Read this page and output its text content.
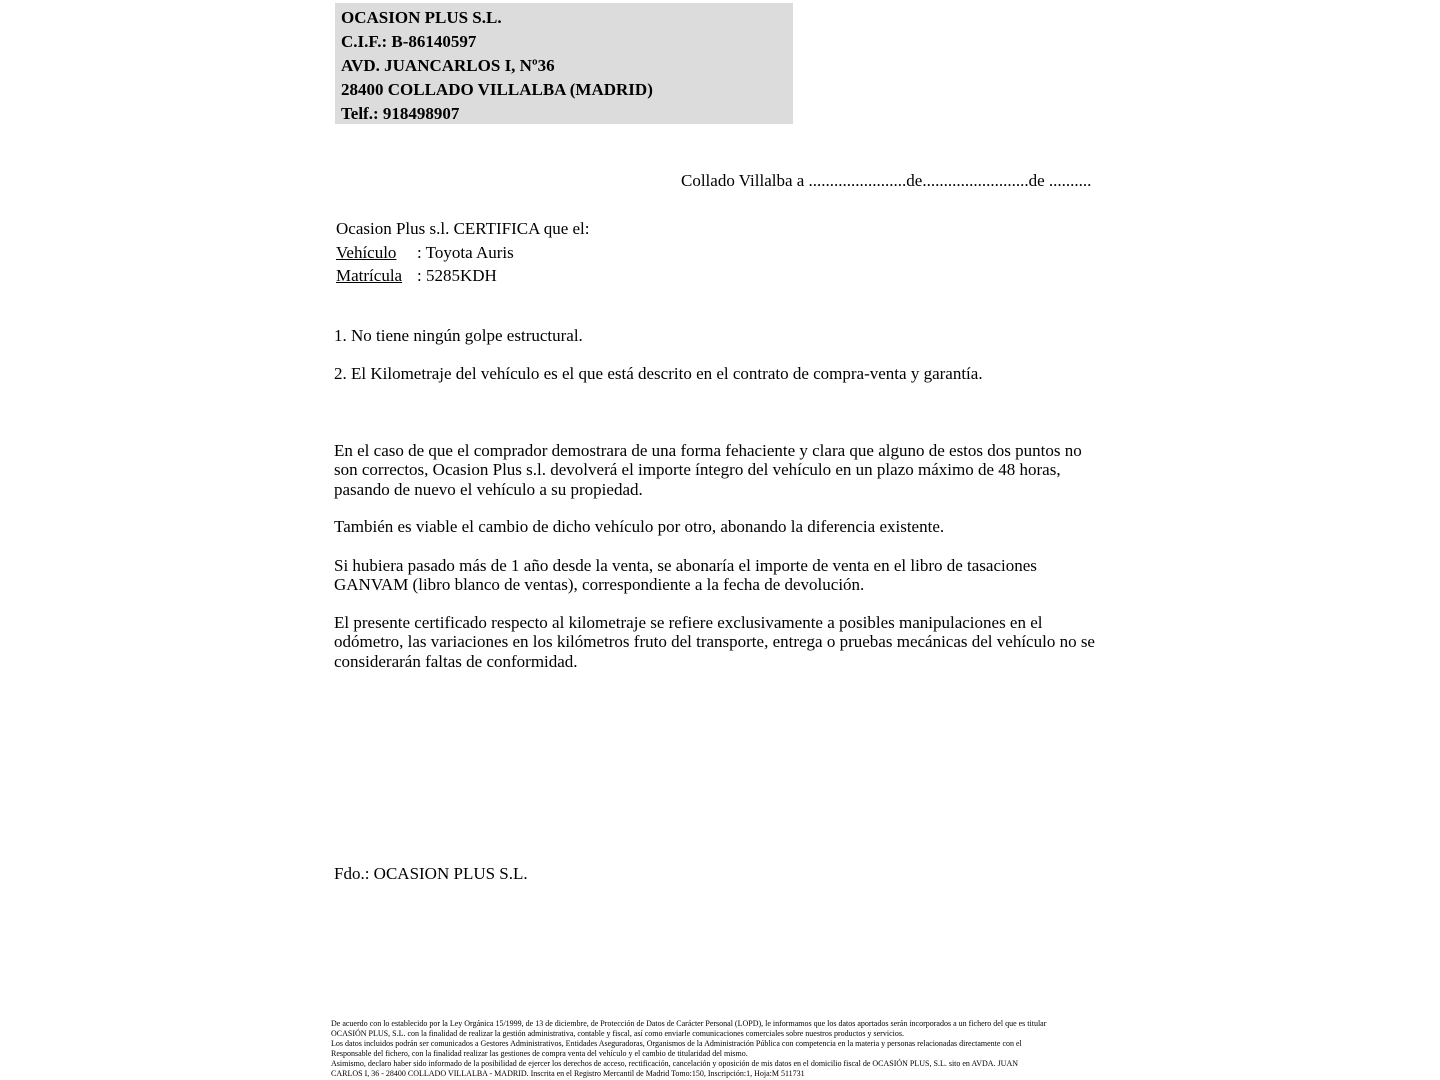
OCASION PLUS S.L.
C.I.F.: B-86140597
AVD. JUANCARLOS I, Nº36
28400 COLLADO VILLALBA (MADRID)
Telf.: 918498907
Collado Villalba a .......................de.........................de ..........
Ocasion Plus s.l. CERTIFICA que el:
Vehículo : Toyota Auris
Matrícula : 5285KDH
1. No tiene ningún golpe estructural.
2. El Kilometraje del vehículo es el que está descrito en el contrato de compra-venta y garantía.
En el caso de que el comprador demostrara de una forma fehaciente y clara que alguno de estos dos puntos no son correctos, Ocasion Plus s.l. devolverá el importe íntegro del vehículo en un plazo máximo de 48 horas, pasando de nuevo el vehículo a su propiedad.
También es viable el cambio de dicho vehículo por otro, abonando la diferencia existente.
Si hubiera pasado más de 1 año desde la venta, se abonaría el importe de venta en el libro de tasaciones GANVAM (libro blanco de ventas), correspondiente a la fecha de devolución.
El presente certificado respecto al kilometraje se refiere exclusivamente a posibles manipulaciones en el odómetro, las variaciones en los kilómetros fruto del transporte, entrega o pruebas mecánicas del vehículo no se considerarán faltas de conformidad.
Fdo.: OCASION PLUS S.L.
De acuerdo con lo establecido por la Ley Orgánica 15/1999, de 13 de diciembre, de Protección de Datos de Carácter Personal (LOPD), le informamos que los datos aportados serán incorporados a un fichero del que es titular
OCASIÓN PLUS, S.L. con la finalidad de realizar la gestión administrativa, contable y fiscal, así como enviarle comunicaciones comerciales sobre nuestros productos y servicios.
Los datos incluidos podrán ser comunicados a Gestores Administrativos, Entidades Aseguradoras, Organismos de la Administración Pública con competencia en la materia y personas relacionadas directamente con el
Responsable del fichero, con la finalidad realizar las gestiones de compra venta del vehículo y el cambio de titularidad del mismo.
Asimismo, declaro haber sido informado de la posibilidad de ejercer los derechos de acceso, rectificación, cancelación y oposición de mis datos en el domicilio fiscal de OCASIÓN PLUS, S.L. sito en AVDA. JUAN
CARLOS I, 36 - 28400 COLLADO VILLALBA - MADRID. Inscrita en el Registro Mercantil de Madrid Tomo:150, Inscripción:1, Hoja:M 511731
